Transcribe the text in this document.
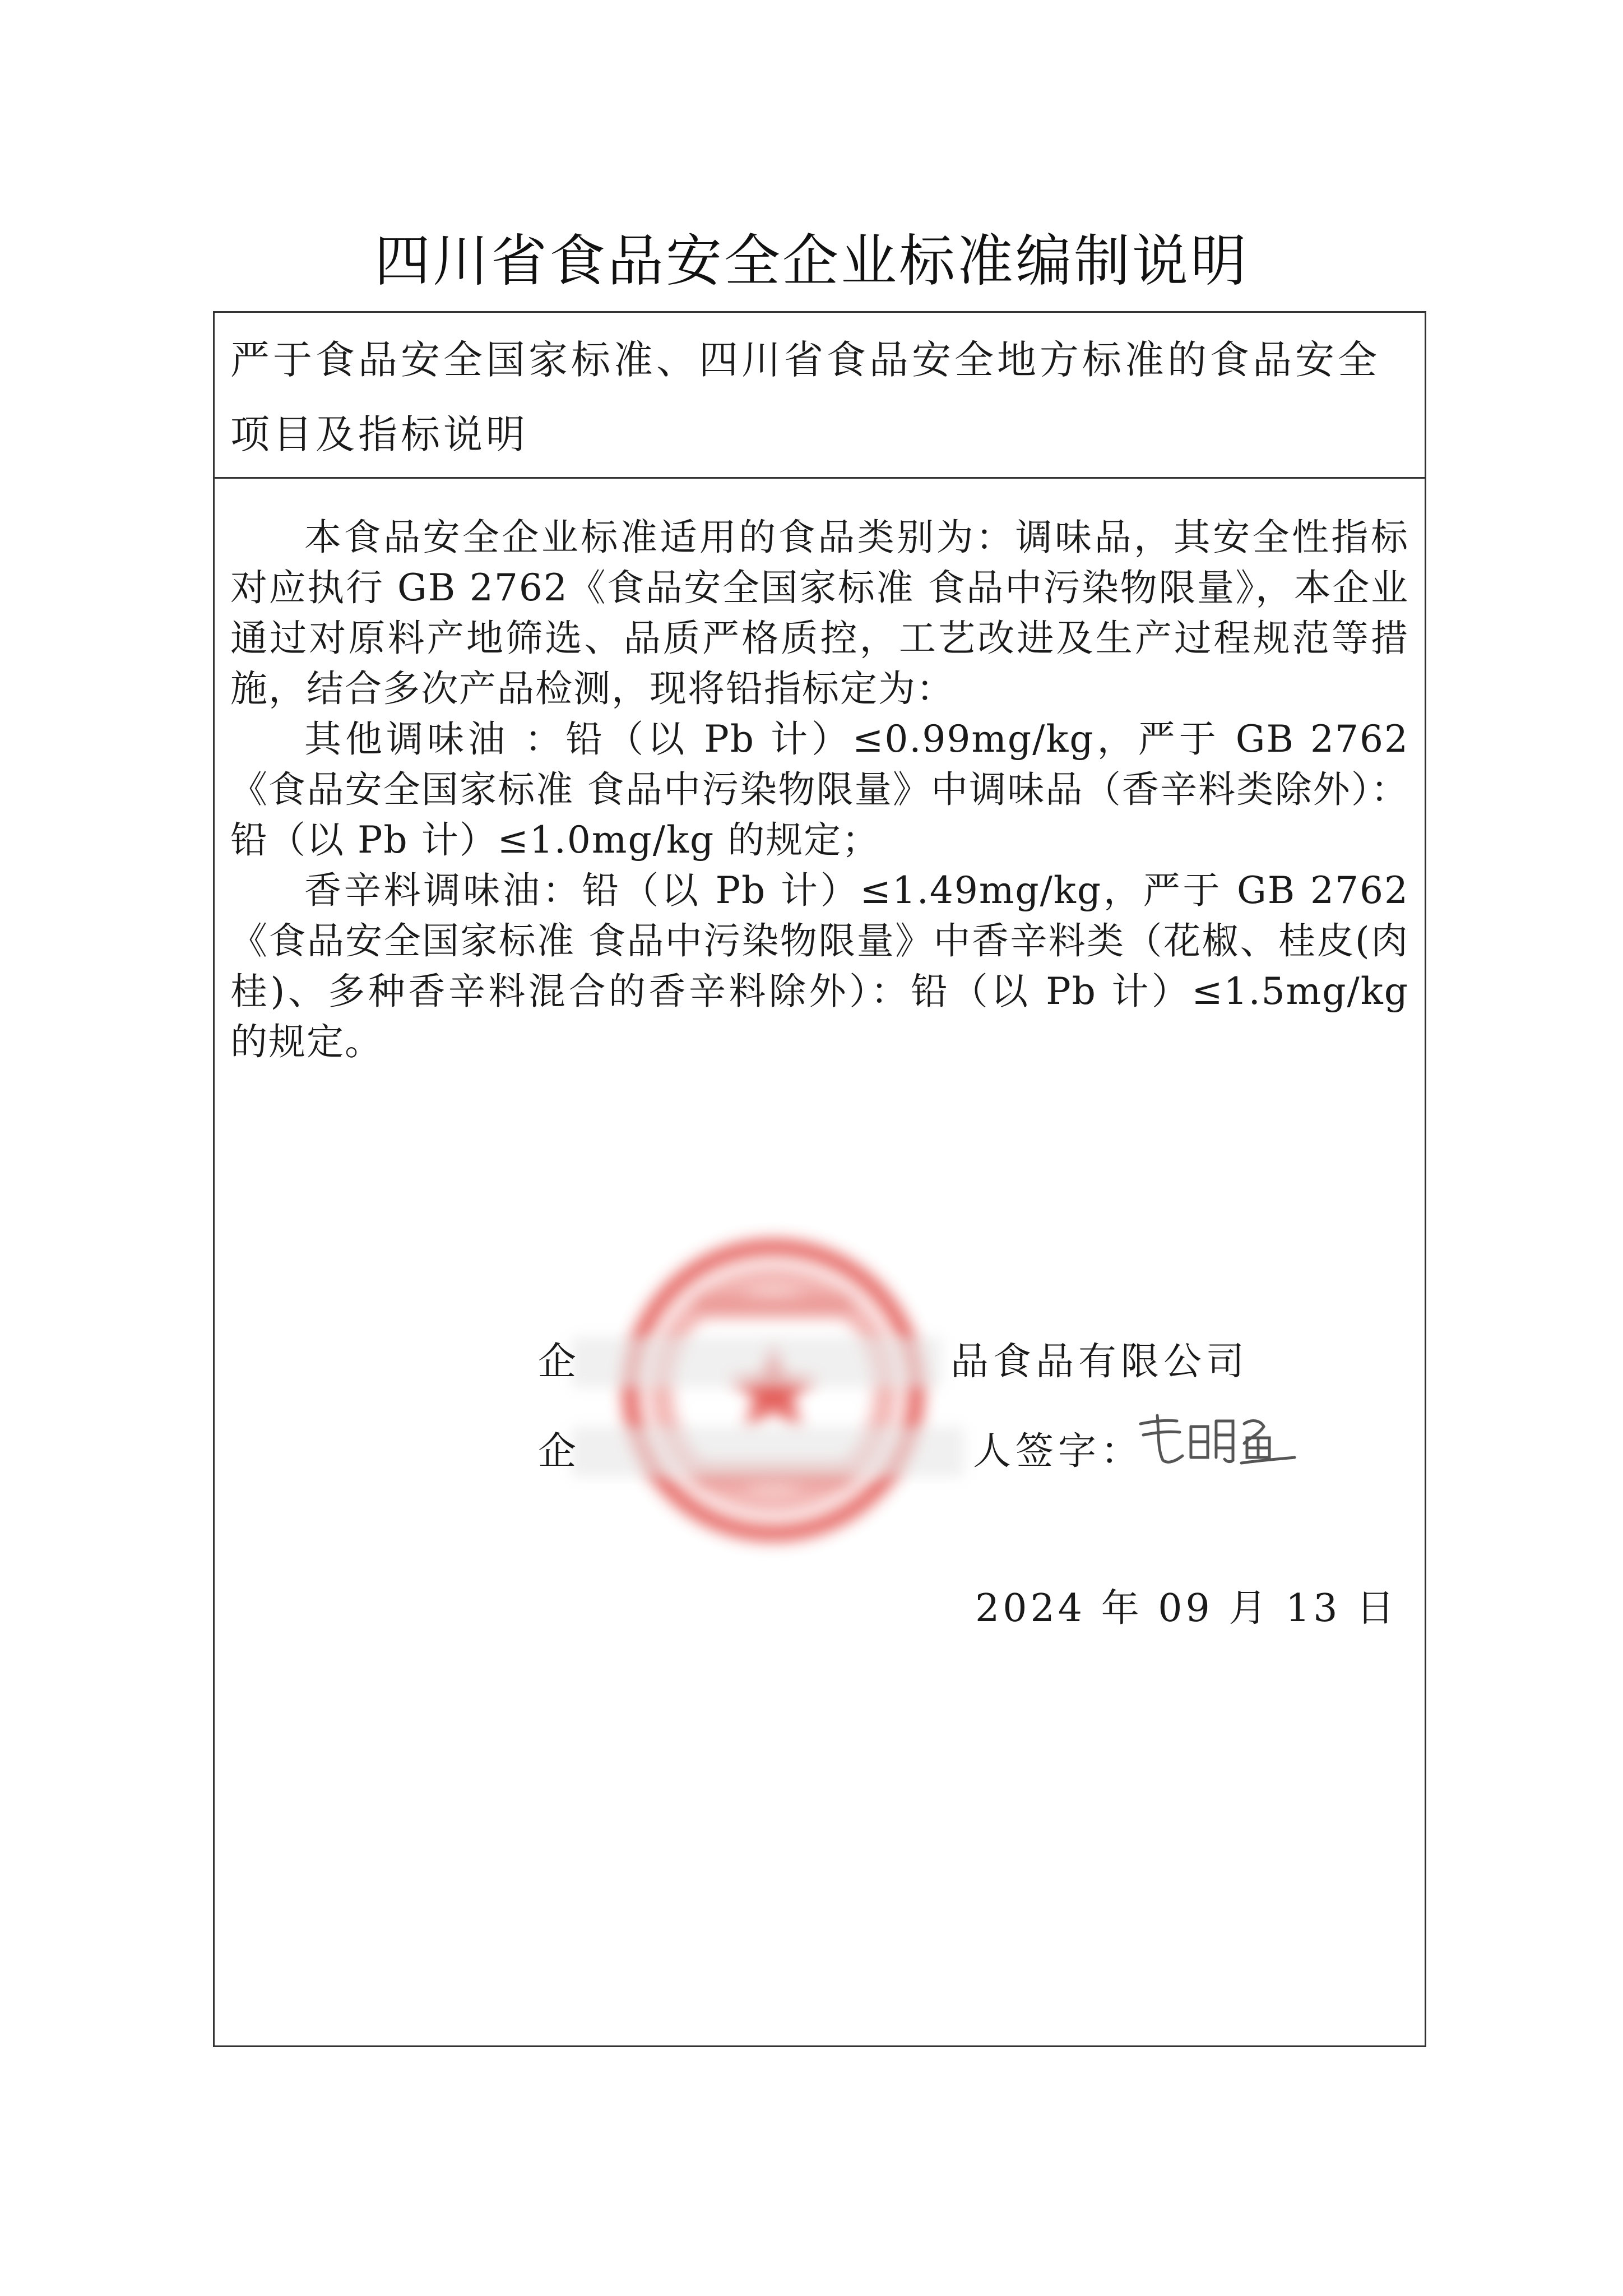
四川省食品安全企业标准编制说明
严于食品安全国家标准、四川省食品安全地方标准的食品安全
项目及指标说明

本食品安全企业标准适用的食品类别为：调味品，其安全性指标对应执行 GB 2762《食品安全国家标准 食品中污染物限量》，本企业通过对原料产地筛选、品质严格质控，工艺改进及生产过程规范等措施，结合多次产品检测，现将铅指标定为：

其他调味油 ：铅（以 Pb 计）≤0.99mg/kg，严于 GB 2762《食品安全国家标准 食品中污染物限量》中调味品（香辛料类除外）：铅（以 Pb 计）≤1.0mg/kg 的规定；

香辛料调味油：铅（以 Pb 计）≤1.49mg/kg，严于 GB 2762《食品安全国家标准 食品中污染物限量》中香辛料类（花椒、桂皮(肉桂)、多种香辛料混合的香辛料除外）：铅（以 Pb 计）≤1.5mg/kg 的规定。

企	品食品有限公司
企	人签字：
2024 年 09 月 13 日
